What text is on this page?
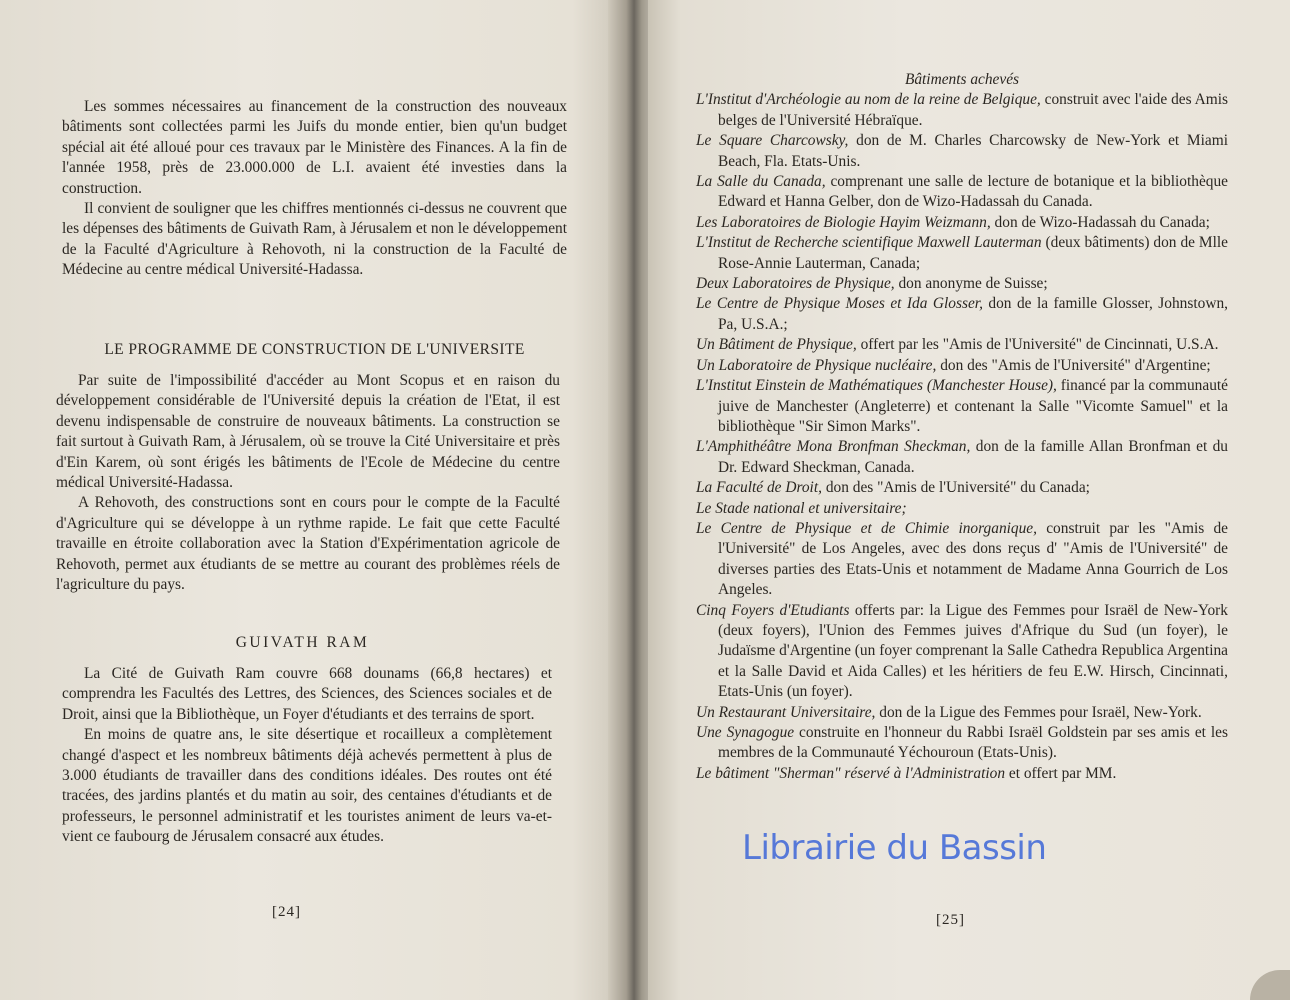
Les sommes nécessaires au financement de la construction des nouveaux bâtiments sont collectées parmi les Juifs du monde entier, bien qu'un budget spécial ait été alloué pour ces travaux par le Ministère des Finances. A la fin de l'année 1958, près de 23.000.000 de L.I. avaient été investies dans la construction.

Il convient de souligner que les chiffres mentionnés ci-dessus ne couvrent que les dépenses des bâtiments de Guivath Ram, à Jérusalem et non le développement de la Faculté d'Agriculture à Rehovoth, ni la construction de la Faculté de Médecine au centre médical Université-Hadassa.

LE PROGRAMME DE CONSTRUCTION DE L'UNIVERSITE

Par suite de l'impossibilité d'accéder au Mont Scopus et en raison du développement considérable de l'Université depuis la création de l'Etat, il est devenu indispensable de construire de nouveaux bâtiments. La construction se fait surtout à Guivath Ram, à Jérusalem, où se trouve la Cité Universitaire et près d'Ein Karem, où sont érigés les bâtiments de l'Ecole de Médecine du centre médical Université-Hadassa.

A Rehovoth, des constructions sont en cours pour le compte de la Faculté d'Agriculture qui se développe à un rythme rapide. Le fait que cette Faculté travaille en étroite collaboration avec la Station d'Expérimentation agricole de Rehovoth, permet aux étudiants de se mettre au courant des problèmes réels de l'agriculture du pays.

GUIVATH RAM

La Cité de Guivath Ram couvre 668 dounams (66,8 hectares) et comprendra les Facultés des Lettres, des Sciences, des Sciences sociales et de Droit, ainsi que la Bibliothèque, un Foyer d'étudiants et des terrains de sport.

En moins de quatre ans, le site désertique et rocailleux a complètement changé d'aspect et les nombreux bâtiments déjà achevés permettent à plus de 3.000 étudiants de travailler dans des conditions idéales. Des routes ont été tracées, des jardins plantés et du matin au soir, des centaines d'étudiants et de professeurs, le personnel administratif et les touristes animent de leurs va-et-vient ce faubourg de Jérusalem consacré aux études.

[24]
Bâtiments achevés

L'Institut d'Archéologie au nom de la reine de Belgique, construit avec l'aide des Amis belges de l'Université Hébraïque.

Le Square Charcowsky, don de M. Charles Charcowsky de New-York et Miami Beach, Fla. Etats-Unis.

La Salle du Canada, comprenant une salle de lecture de botanique et la bibliothèque Edward et Hanna Gelber, don de Wizo-Hadassah du Canada.

Les Laboratoires de Biologie Hayim Weizmann, don de Wizo-Hadassah du Canada;

L'Institut de Recherche scientifique Maxwell Lauterman (deux bâtiments) don de Mlle Rose-Annie Lauterman, Canada;

Deux Laboratoires de Physique, don anonyme de Suisse;

Le Centre de Physique Moses et Ida Glosser, don de la famille Glosser, Johnstown, Pa, U.S.A.;

Un Bâtiment de Physique, offert par les "Amis de l'Université" de Cincinnati, U.S.A.

Un Laboratoire de Physique nucléaire, don des "Amis de l'Université" d'Argentine;

L'Institut Einstein de Mathématiques (Manchester House), financé par la communauté juive de Manchester (Angleterre) et contenant la Salle "Vicomte Samuel" et la bibliothèque "Sir Simon Marks".

L'Amphithéâtre Mona Bronfman Sheckman, don de la famille Allan Bronfman et du Dr. Edward Sheckman, Canada.

La Faculté de Droit, don des "Amis de l'Université" du Canada;

Le Stade national et universitaire;

Le Centre de Physique et de Chimie inorganique, construit par les "Amis de l'Université" de Los Angeles, avec des dons reçus d' "Amis de l'Université" de diverses parties des Etats-Unis et notamment de Madame Anna Gourrich de Los Angeles.

Cinq Foyers d'Etudiants offerts par: la Ligue des Femmes pour Israël de New-York (deux foyers), l'Union des Femmes juives d'Afrique du Sud (un foyer), le Judaïsme d'Argentine (un foyer comprenant la Salle Cathedra Republica Argentina et la Salle David et Aida Calles) et les héritiers de feu E.W. Hirsch, Cincinnati, Etats-Unis (un foyer).

Un Restaurant Universitaire, don de la Ligue des Femmes pour Israël, New-York.

Une Synagogue construite en l'honneur du Rabbi Israël Goldstein par ses amis et les membres de la Communauté Yéchouroun (Etats-Unis).

Le bâtiment "Sherman" réservé à l'Administration et offert par MM.

[25]
Librairie du Bassin
